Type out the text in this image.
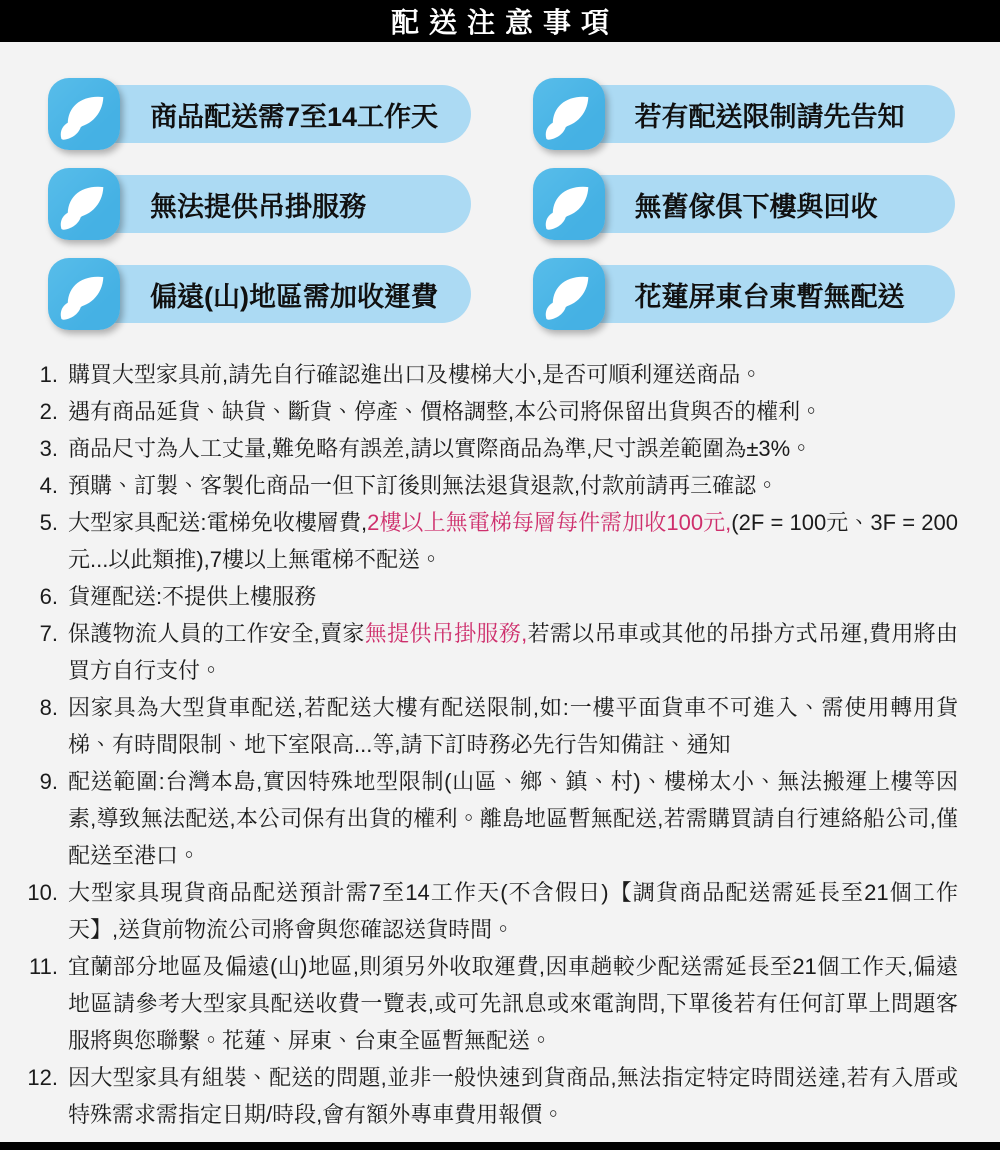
配送注意事項
商品配送需7至14工作天	若有配送限制請先告知
無法提供吊掛服務	無舊傢俱下樓與回收
偏遠(山)地區需加收運費	花蓮屏東台東暫無配送
購買大型家具前,請先自行確認進出口及樓梯大小,是否可順利運送商品。
遇有商品延貨、缺貨、斷貨、停產、價格調整,本公司將保留出貨與否的權利。
商品尺寸為人工丈量,難免略有誤差,請以實際商品為準,尺寸誤差範圍為±3%。
預購、訂製、客製化商品一但下訂後則無法退貨退款,付款前請再三確認。
大型家具配送:電梯免收樓層費,2樓以上無電梯每層每件需加收100元,(2F = 100元、3F = 200元...以此類推),7樓以上無電梯不配送。
貨運配送:不提供上樓服務
保護物流人員的工作安全,賣家無提供吊掛服務,若需以吊車或其他的吊掛方式吊運,費用將由買方自行支付。
因家具為大型貨車配送,若配送大樓有配送限制,如:一樓平面貨車不可進入、需使用轉用貨梯、有時間限制、地下室限高...等,請下訂時務必先行告知備註、通知
配送範圍:台灣本島,實因特殊地型限制(山區、鄉、鎮、村)、樓梯太小、無法搬運上樓等因素,導致無法配送,本公司保有出貨的權利。離島地區暫無配送,若需購買請自行連絡船公司,僅配送至港口。
大型家具現貨商品配送預計需7至14工作天(不含假日)【調貨商品配送需延長至21個工作天】,送貨前物流公司將會與您確認送貨時間。
宜蘭部分地區及偏遠(山)地區,則須另外收取運費,因車趟較少配送需延長至21個工作天,偏遠地區請參考大型家具配送收費一覽表,或可先訊息或來電詢問,下單後若有任何訂單上問題客服將與您聯繫。花蓮、屏東、台東全區暫無配送。
因大型家具有組裝、配送的問題,並非一般快速到貨商品,無法指定特定時間送達,若有入厝或特殊需求需指定日期/時段,會有額外專車費用報價。
